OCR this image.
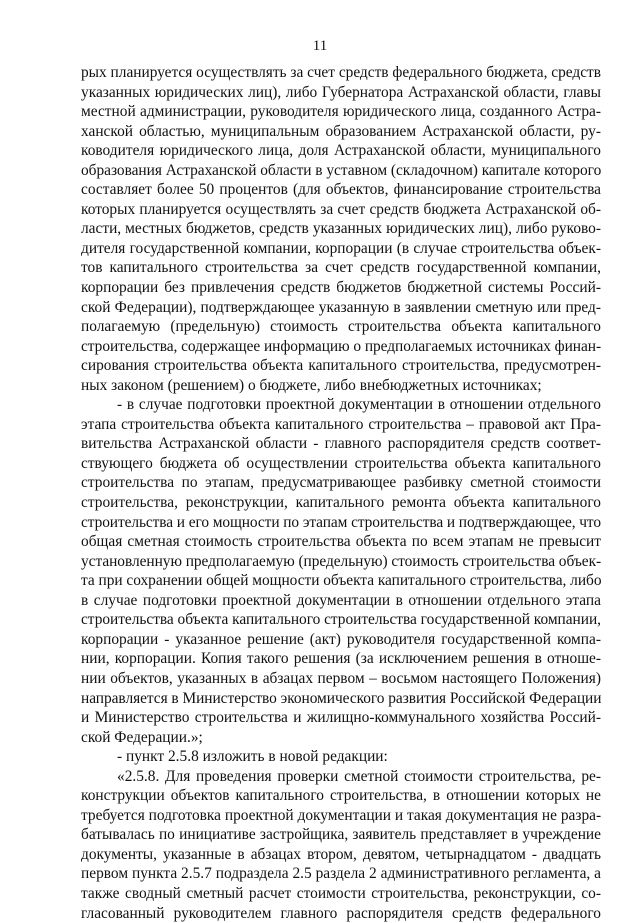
11
рых планируется осуществлять за счет средств федерального бюджета, средств
указанных юридических лиц), либо Губернатора Астраханской области, главы
местной администрации, руководителя юридического лица, созданного Астра-
ханской областью, муниципальным образованием Астраханской области, ру-
ководителя юридического лица, доля Астраханской области, муниципального
образования Астраханской области в уставном (складочном) капитале которого
составляет более 50 процентов (для объектов, финансирование строительства
которых планируется осуществлять за счет средств бюджета Астраханской об-
ласти, местных бюджетов, средств указанных юридических лиц), либо руково-
дителя государственной компании, корпорации (в случае строительства объек-
тов капитального строительства за счет средств государственной компании,
корпорации без привлечения средств бюджетов бюджетной системы Россий-
ской Федерации), подтверждающее указанную в заявлении сметную или пред-
полагаемую (предельную) стоимость строительства объекта капитального
строительства, содержащее информацию о предполагаемых источниках финан-
сирования строительства объекта капитального строительства, предусмотрен-
ных законом (решением) о бюджете, либо внебюджетных источниках;
- в случае подготовки проектной документации в отношении отдельного
этапа строительства объекта капитального строительства – правовой акт Пра-
вительства Астраханской области - главного распорядителя средств соответ-
ствующего бюджета об осуществлении строительства объекта капитального
строительства по этапам, предусматривающее разбивку сметной стоимости
строительства, реконструкции, капитального ремонта объекта капитального
строительства и его мощности по этапам строительства и подтверждающее, что
общая сметная стоимость строительства объекта по всем этапам не превысит
установленную предполагаемую (предельную) стоимость строительства объек-
та при сохранении общей мощности объекта капитального строительства, либо
в случае подготовки проектной документации в отношении отдельного этапа
строительства объекта капитального строительства государственной компании,
корпорации - указанное решение (акт) руководителя государственной компа-
нии, корпорации. Копия такого решения (за исключением решения в отноше-
нии объектов, указанных в абзацах первом – восьмом настоящего Положения)
направляется в Министерство экономического развития Российской Федерации
и Министерство строительства и жилищно-коммунального хозяйства Россий-
ской Федерации.»;
- пункт 2.5.8 изложить в новой редакции:
«2.5.8. Для проведения проверки сметной стоимости строительства, ре-
конструкции объектов капитального строительства, в отношении которых не
требуется подготовка проектной документации и такая документация не разра-
батывалась по инициативе застройщика, заявитель представляет в учреждение
документы, указанные в абзацах втором, девятом, четырнадцатом - двадцать
первом пункта 2.5.7 подраздела 2.5 раздела 2 административного регламента, а
также сводный сметный расчет стоимости строительства, реконструкции, со-
гласованный руководителем главного распорядителя средств федерального
